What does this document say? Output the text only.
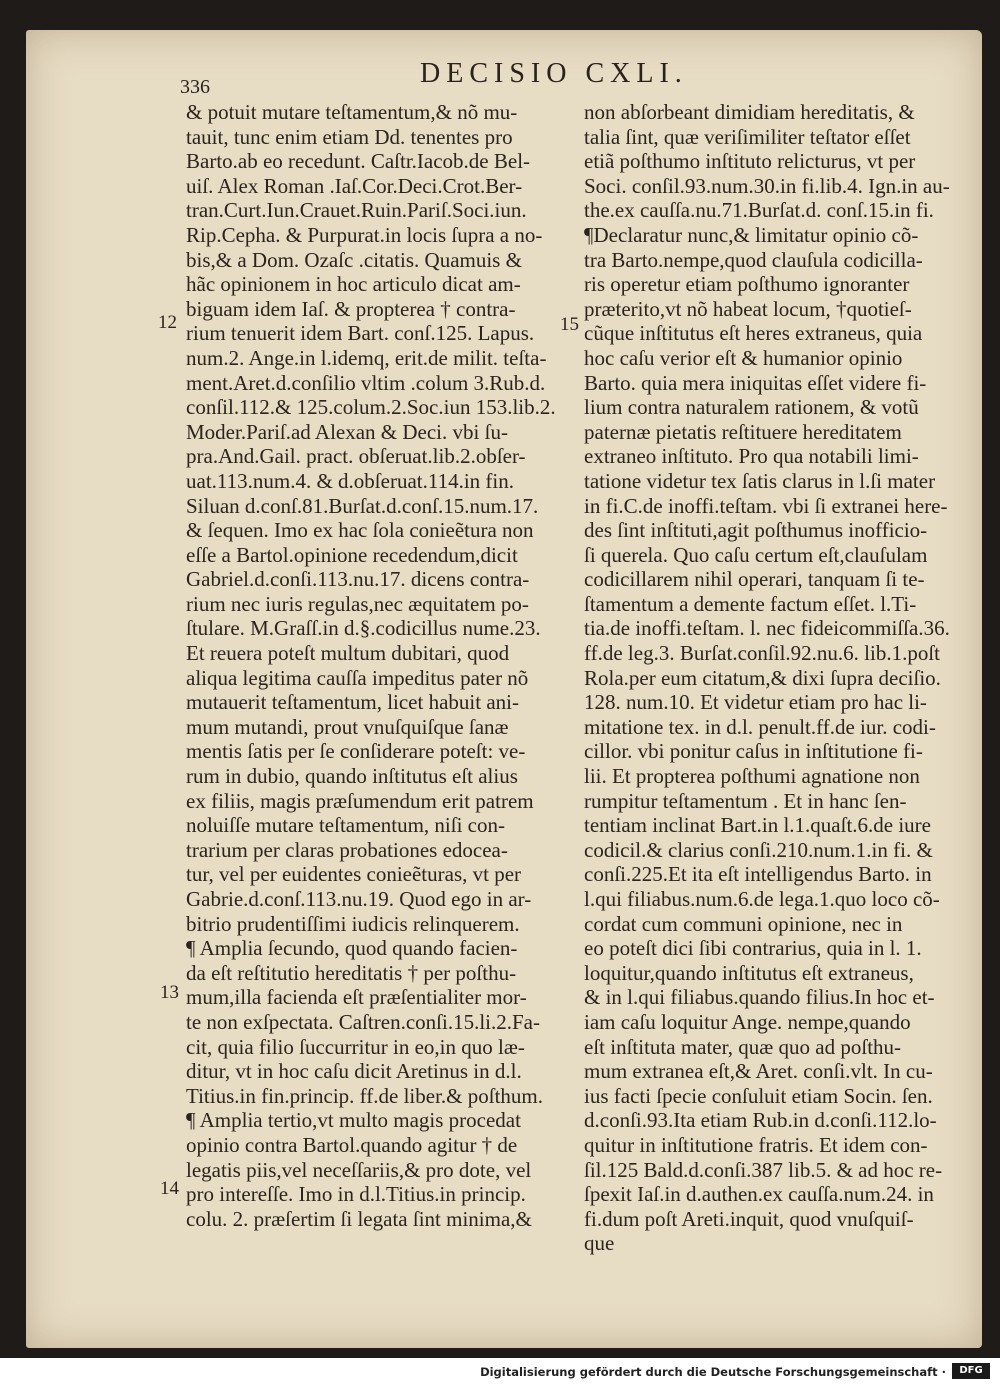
336	DECISIO CXLI.
12	15
13
14
& potuit mutare teſtamentum,& nõ mu-
tauit, tunc enim etiam Dd. tenentes pro
Barto.ab eo recedunt. Caſtr.Iacob.de Bel-
uiſ. Alex Roman .Iaſ.Cor.Deci.Crot.Ber-
tran.Curt.Iun.Crauet.Ruin.Pariſ.Soci.iun.
Rip.Cepha. & Purpurat.in locis ſupra a no-
bis,& a Dom. Ozaſc .citatis. Quamuis &
hãc opinionem in hoc articulo dicat am-
biguam idem Iaſ. & propterea † contra-
rium tenuerit idem Bart. conſ.125. Lapus.
num.2. Ange.in l.idemq, erit.de milit. teſta-
ment.Aret.d.conſilio vltim .colum 3.Rub.d.
conſil.112.& 125.colum.2.Soc.iun 153.lib.2.
Moder.Pariſ.ad Alexan & Deci. vbi ſu-
pra.And.Gail. pract. obſeruat.lib.2.obſer-
uat.113.num.4. & d.obſeruat.114.in fin.
Siluan d.conſ.81.Burſat.d.conſ.15.num.17.
& ſequen. Imo ex hac ſola conieẽtura non
eſſe a Bartol.opinione recedendum,dicit
Gabriel.d.conſi.113.nu.17. dicens contra-
rium nec iuris regulas,nec æquitatem po-
ſtulare. M.Graſſ.in d.§.codicillus nume.23.
Et reuera poteſt multum dubitari, quod
aliqua legitima cauſſa impeditus pater nõ
mutauerit teſtamentum, licet habuit ani-
mum mutandi, prout vnuſquiſque ſanæ
mentis ſatis per ſe conſiderare poteſt: ve-
rum in dubio, quando inſtitutus eſt alius
ex filiis, magis præſumendum erit patrem
noluiſſe mutare teſtamentum, niſi con-
trarium per claras probationes edocea-
tur, vel per euidentes conieẽturas, vt per
Gabrie.d.conſ.113.nu.19. Quod ego in ar-
bitrio prudentiſſimi iudicis relinquerem.
¶ Amplia ſecundo, quod quando facien-
da eſt reſtitutio hereditatis † per poſthu-
mum,illa facienda eſt præſentialiter mor-
te non exſpectata. Caſtren.conſi.15.li.2.Fa-
cit, quia filio ſuccurritur in eo,in quo læ-
ditur, vt in hoc caſu dicit Aretinus in d.l.
Titius.in fin.princip. ff.de liber.& poſthum.
¶ Amplia tertio,vt multo magis procedat
opinio contra Bartol.quando agitur † de
legatis piis,vel neceſſariis,& pro dote, vel
pro intereſſe. Imo in d.l.Titius.in princip.
colu. 2. præſertim ſi legata ſint minima,&
non abſorbeant dimidiam hereditatis, &
talia ſint, quæ veriſimiliter teſtator eſſet
etiã poſthumo inſtituto relicturus, vt per
Soci. conſil.93.num.30.in fi.lib.4. Ign.in au-
the.ex cauſſa.nu.71.Burſat.d. conſ.15.in fi.
¶Declaratur nunc,& limitatur opinio cõ-
tra Barto.nempe,quod clauſula codicilla-
ris operetur etiam poſthumo ignoranter
præterito,vt nõ habeat locum, †quotieſ-
cũque inſtitutus eſt heres extraneus, quia
hoc caſu verior eſt & humanior opinio
Barto. quia mera iniquitas eſſet videre fi-
lium contra naturalem rationem, & votũ
paternæ pietatis reſtituere hereditatem
extraneo inſtituto. Pro qua notabili limi-
tatione videtur tex ſatis clarus in l.ſi mater
in fi.C.de inoffi.teſtam. vbi ſi extranei here-
des ſint inſtituti,agit poſthumus inofficio-
ſi querela. Quo caſu certum eſt,clauſulam
codicillarem nihil operari, tanquam ſi te-
ſtamentum a demente factum eſſet. l.Ti-
tia.de inoffi.teſtam. l. nec fideicommiſſa.36.
ff.de leg.3. Burſat.conſil.92.nu.6. lib.1.poſt
Rola.per eum citatum,& dixi ſupra deciſio.
128. num.10. Et videtur etiam pro hac li-
mitatione tex. in d.l. penult.ff.de iur. codi-
cillor. vbi ponitur caſus in inſtitutione fi-
lii. Et propterea poſthumi agnatione non
rumpitur teſtamentum . Et in hanc ſen-
tentiam inclinat Bart.in l.1.quaſt.6.de iure
codicil.& clarius conſi.210.num.1.in fi. &
conſi.225.Et ita eſt intelligendus Barto. in
l.qui filiabus.num.6.de lega.1.quo loco cõ-
cordat cum communi opinione, nec in
eo poteſt dici ſibi contrarius, quia in l. 1.
loquitur,quando inſtitutus eſt extraneus,
& in l.qui filiabus.quando filius.In hoc et-
iam caſu loquitur Ange. nempe,quando
eſt inſtituta mater, quæ quo ad poſthu-
mum extranea eſt,& Aret. conſi.vlt. In cu-
ius facti ſpecie conſuluit etiam Socin. ſen.
d.conſi.93.Ita etiam Rub.in d.conſi.112.lo-
quitur in inſtitutione fratris. Et idem con-
ſil.125 Bald.d.conſi.387 lib.5. & ad hoc re-
ſpexit Iaſ.in d.authen.ex cauſſa.num.24. in
fi.dum poſt Areti.inquit, quod vnuſquiſ-
que
Digitalisierung gefördert durch die Deutsche Forschungsgemeinschaft ·	DFG
